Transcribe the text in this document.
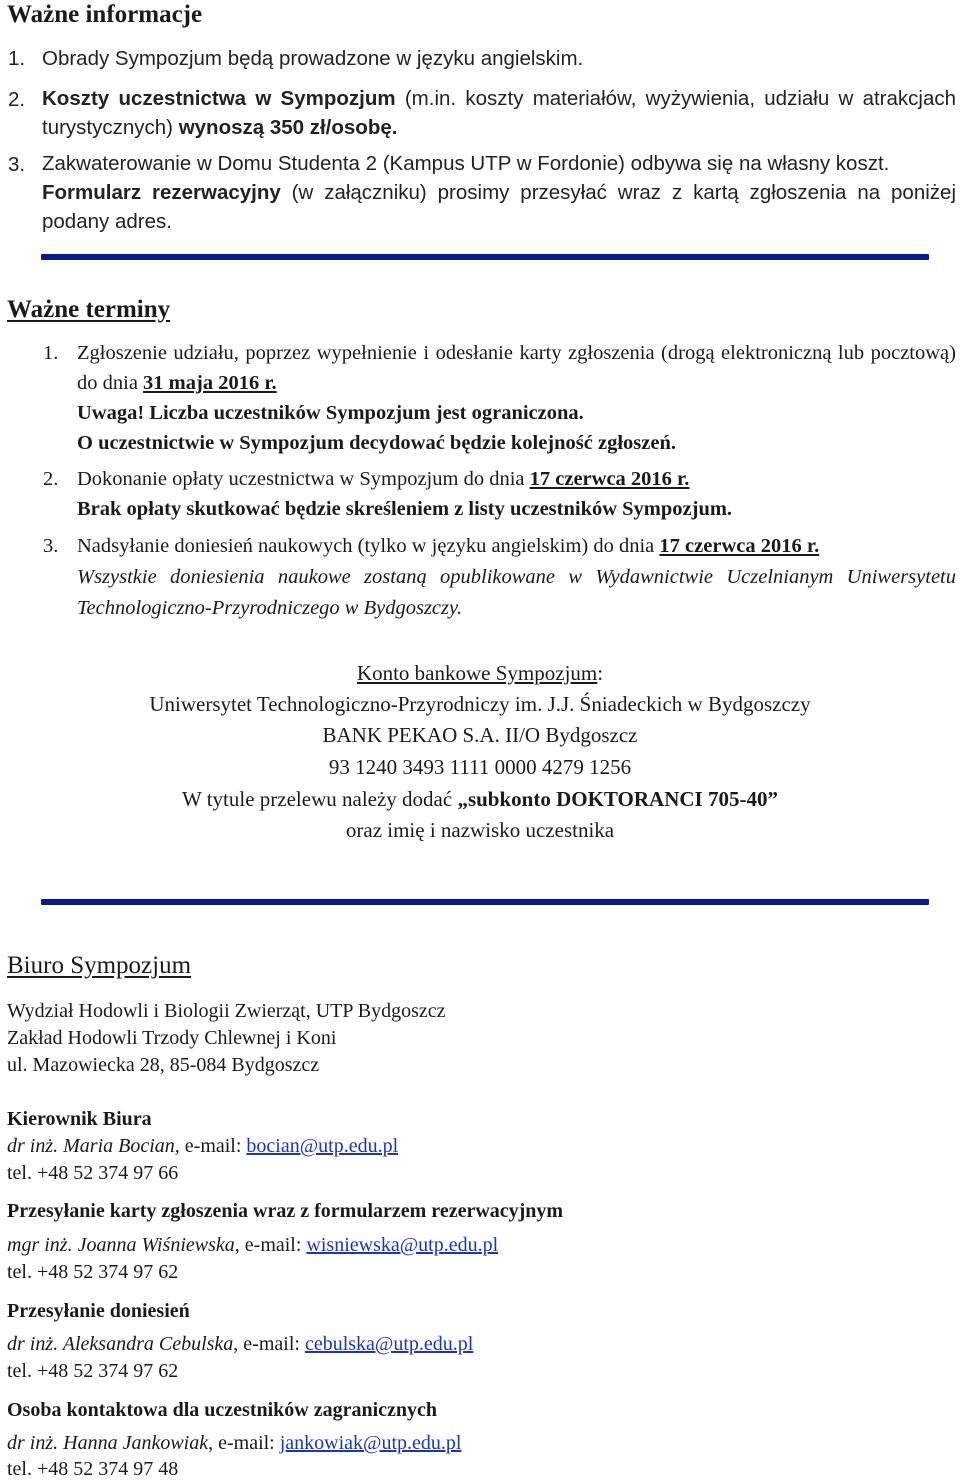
Ważne informacje
1. Obrady Sympozjum będą prowadzone w języku angielskim.
2. Koszty uczestnictwa w Sympozjum (m.in. koszty materiałów, wyżywienia, udziału w atrakcjach turystycznych) wynoszą 350 zł/osobę.
3. Zakwaterowanie w Domu Studenta 2 (Kampus UTP w Fordonie) odbywa się na własny koszt.
Formularz rezerwacyjny (w załączniku) prosimy przesyłać wraz z kartą zgłoszenia na poniżej podany adres.
Ważne terminy
1. Zgłoszenie udziału, poprzez wypełnienie i odesłanie karty zgłoszenia (drogą elektroniczną lub pocztową) do dnia 31 maja 2016 r.
Uwaga! Liczba uczestników Sympozjum jest ograniczona.
O uczestnictwie w Sympozjum decydować będzie kolejność zgłoszeń.
2. Dokonanie opłaty uczestnictwa w Sympozjum do dnia 17 czerwca 2016 r.
Brak opłaty skutkować będzie skreśleniem z listy uczestników Sympozjum.
3. Nadsyłanie doniesień naukowych (tylko w języku angielskim) do dnia 17 czerwca 2016 r.
Wszystkie doniesienia naukowe zostaną opublikowane w Wydawnictwie Uczelnianym Uniwersytetu Technologiczno-Przyrodniczego w Bydgoszczy.
Konto bankowe Sympozjum:
Uniwersytet Technologiczno-Przyrodniczy im. J.J. Śniadeckich w Bydgoszczy
BANK PEKAO S.A. II/O Bydgoszcz
93 1240 3493 1111 0000 4279 1256
W tytule przelewu należy dodać „subkonto DOKTORANCI 705-40”
oraz imię i nazwisko uczestnika
Biuro Sympozjum
Wydział Hodowli i Biologii Zwierząt, UTP Bydgoszcz
Zakład Hodowli Trzody Chlewnej i Koni
ul. Mazowiecka 28, 85-084 Bydgoszcz
Kierownik Biura
dr inż. Maria Bocian, e-mail: bocian@utp.edu.pl
tel. +48 52 374 97 66
Przesyłanie karty zgłoszenia wraz z formularzem rezerwacyjnym
mgr inż. Joanna Wiśniewska, e-mail: wisniewska@utp.edu.pl
tel. +48 52 374 97 62
Przesyłanie doniesień
dr inż. Aleksandra Cebulska, e-mail: cebulska@utp.edu.pl
tel. +48 52 374 97 62
Osoba kontaktowa dla uczestników zagranicznych
dr inż. Hanna Jankowiak, e-mail: jankowiak@utp.edu.pl
tel. +48 52 374 97 48
